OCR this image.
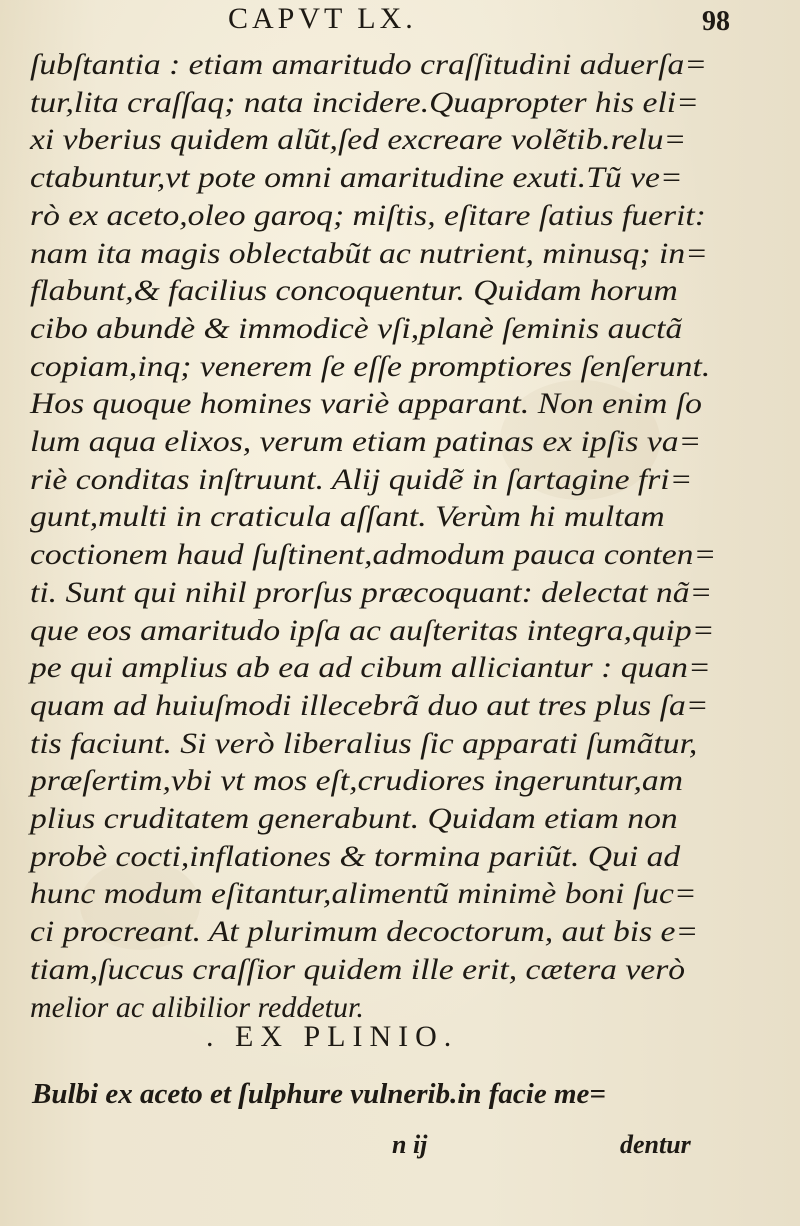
CAPVT LX.	98
ſubſtantia : etiam amaritudo craſſitudini aduerſa=
tur,lita craſſaq; nata incidere.Quapropter his eli=
xi vberius quidem alũt,ſed excreare volẽtib.relu=
ctabuntur,vt pote omni amaritudine exuti.Tũ ve=
rò ex aceto,oleo garoq; miſtis, eſitare ſatius fuerit:
nam ita magis oblectabũt ac nutrient, minusq; in=
flabunt,& facilius concoquentur. Quidam horum
cibo abundè & immodicè vſi,planè ſeminis auctã
copiam,inq; venerem ſe eſſe promptiores ſenſerunt.
Hos quoque homines variè apparant. Non enim ſo
lum aqua elixos, verum etiam patinas ex ipſis va=
riè conditas inſtruunt. Alij quidẽ in ſartagine fri=
gunt,multi in craticula aſſant. Verùm hi multam
coctionem haud ſuſtinent,admodum pauca conten=
ti. Sunt qui nihil prorſus præcoquant: delectat nã=
que eos amaritudo ipſa ac auſteritas integra,quip=
pe qui amplius ab ea ad cibum alliciantur : quan=
quam ad huiuſmodi illecebrã duo aut tres plus ſa=
tis faciunt. Si verò liberalius ſic apparati ſumãtur,
præſertim,vbi vt mos eſt,crudiores ingeruntur,am
plius cruditatem generabunt. Quidam etiam non
probè cocti,inflationes & tormina pariũt. Qui ad
hunc modum eſitantur,alimentũ minimè boni ſuc=
ci procreant. At plurimum decoctorum, aut bis e=
tiam,ſuccus craſſior quidem ille erit, cætera verò
melior ac alibilior reddetur.
. EX PLINIO.
Bulbi ex aceto et ſulphure vulnerib.in facie me=
n ij	dentur
